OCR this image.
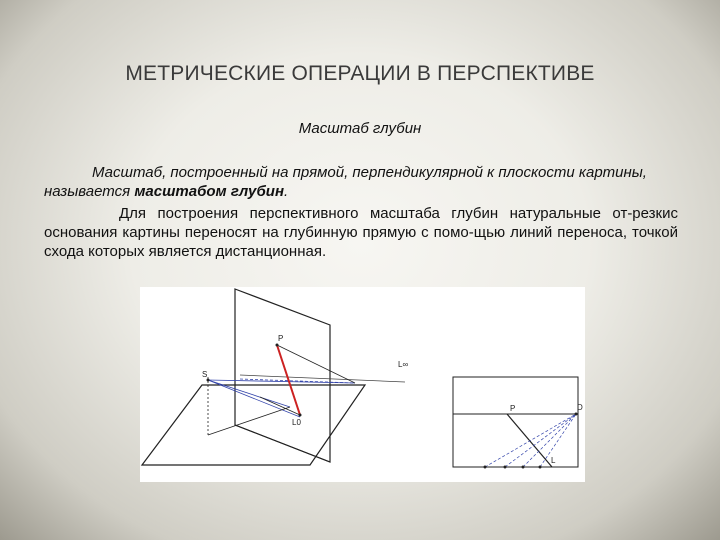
МЕТРИЧЕСКИЕ ОПЕРАЦИИ В ПЕРСПЕКТИВЕ
Масштаб глубин
Масштаб, построенный на прямой, перпендикулярной к плоскости картины, называется масштабом глубин.
Для построения перспективного масштаба глубин натуральные от-резкис основания картины переносят на глубинную прямую с помо-щью линий переноса, точкой схода которых является дистанционная.
P
S
L∞
L0
P	D
L
